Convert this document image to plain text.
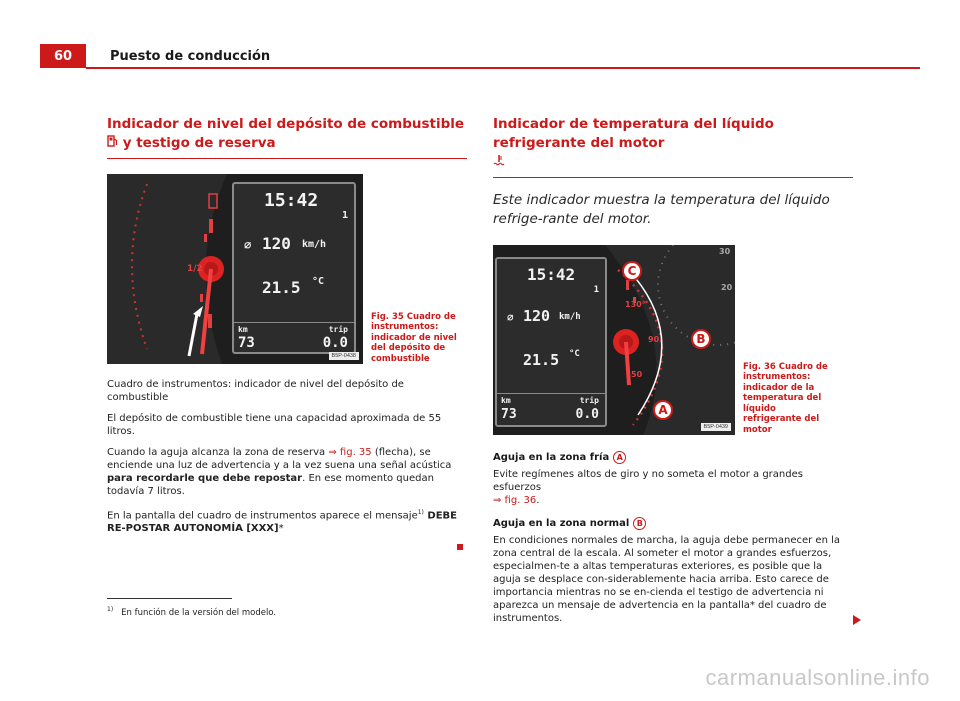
60	Puesto de conducción
Indicador de nivel del depósito de combustible  y testigo de reserva
1/2
15:42
1
⌀ 120 km/h
21.5 °C
km	trip
73	0.0
B5P-0438
Fig. 35 Cuadro de instrumentos: indicador de nivel del depósito de combustible

Cuadro de instrumentos: indicador de nivel del depósito de combustible

El depósito de combustible tiene una capacidad aproximada de 55 litros.

Cuando la aguja alcanza la zona de reserva ⇒ fig. 35 (flecha), se enciende una luz de advertencia y a la vez suena una señal acústica para recordarle que debe repostar. En ese momento quedan todavía 7 litros.

En la pantalla del cuadro de instrumentos aparece el mensaje$^{1)}$ DEBE RE-POSTAR AUTONOMÍA [XXX]*

Indicador de temperatura del líquido refrigerante del motor

Este indicador muestra la temperatura del líquido refrige-rante del motor.

15:42
1
⌀ 120 km/h
21.5 °C
km	trip
73	0.0
130°
90
50
30
20
C
B
A
B5P-0439
Fig. 36 Cuadro de instrumentos: indicador de la temperatura del líquido refrigerante del motor
Aguja en la zona fría A

Evite regímenes altos de giro y no someta el motor a grandes esfuerzos
⇒ fig. 36.

Aguja en la zona normal B

En condiciones normales de marcha, la aguja debe permanecer en la zona central de la escala. Al someter el motor a grandes esfuerzos, especialmen-te a altas temperaturas exteriores, es posible que la aguja se desplace con-siderablemente hacia arriba. Esto carece de importancia mientras no se en-cienda el testigo de advertencia ni aparezca un mensaje de advertencia en la pantalla* del cuadro de instrumentos.

$^{1)}$ En función de la versión del modelo.
carmanualsonline.info
